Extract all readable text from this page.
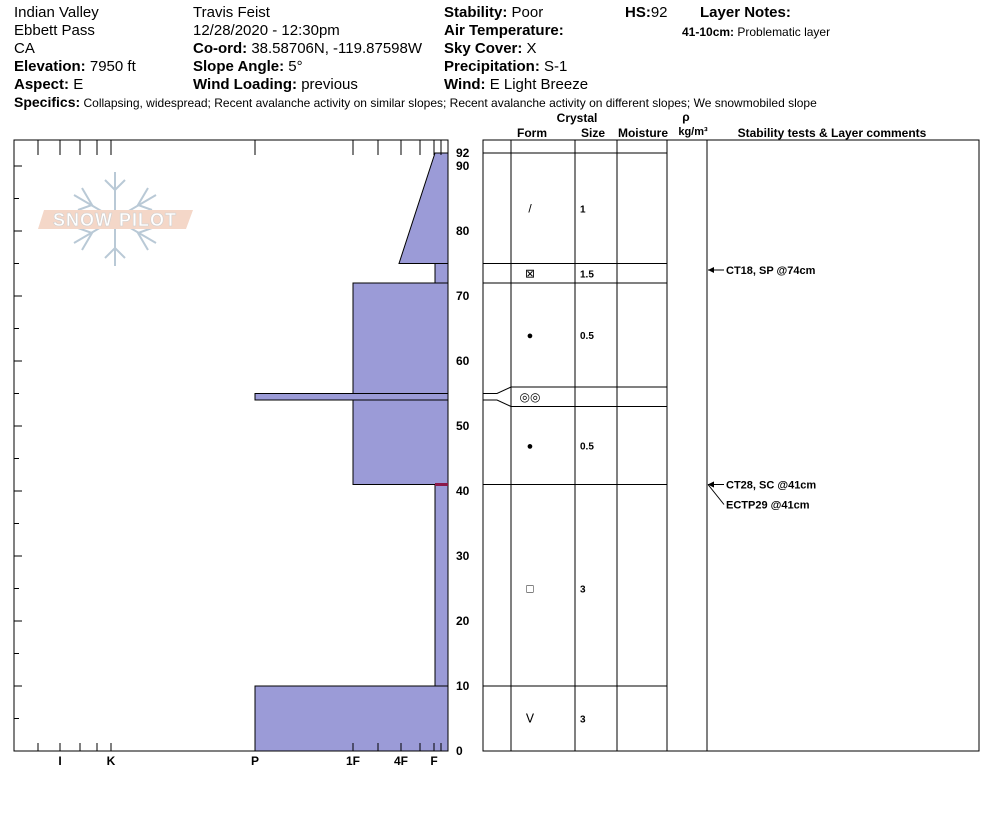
Indian Valley
Ebbett Pass
CA
Elevation: 7950 ft
Aspect: E
Travis Feist
12/28/2020 - 12:30pm
Co-ord: 38.58706N, -119.87598W
Slope Angle: 5°
Wind Loading: previous
Stability: Poor
Air Temperature:
Sky Cover: X
Precipitation: S-1
Wind: E Light Breeze
HS:92 Layer Notes:
41-10cm: Problematic layer
Specifics: Collapsing, widespread; Recent avalanche activity on similar slopes; Recent avalanche activity on different slopes; We snowmobiled slope
SNOW PILOT
I	K	P	1F	4F F
0
10
20
30
40
50
60
70
80
90
92
ⴸ	3
□	3
●	0.5
◎◎
●	0.5
⊠	1.5
/	1
CT18, SP @74cm
CT28, SC @41cm
ECTP29 @41cm
Crystal
Form	Size Moisture
ρ
kg/m³ Stability tests & Layer comments
